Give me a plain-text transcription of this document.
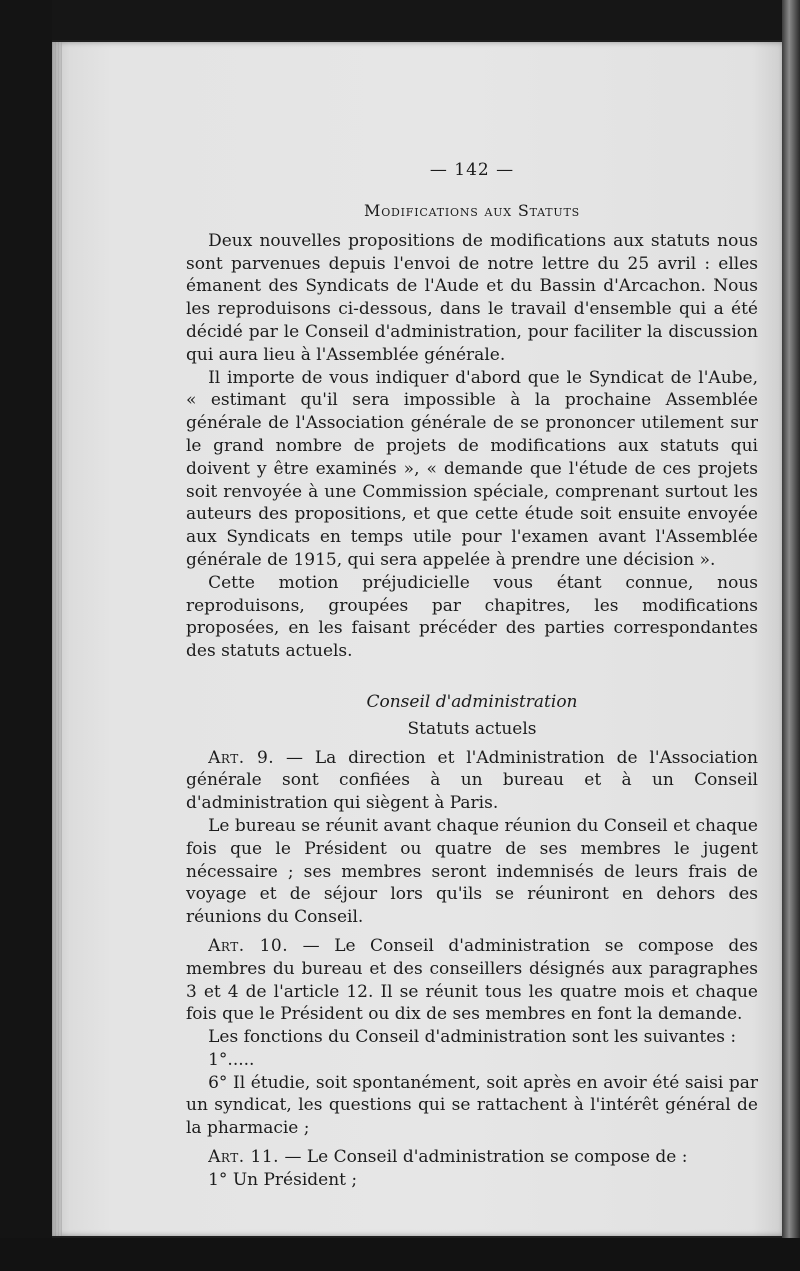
— 142 —
Modifications aux Statuts

Deux nouvelles propositions de modifications aux statuts nous sont parvenues depuis l'envoi de notre lettre du 25 avril : elles émanent des Syndicats de l'Aude et du Bassin d'Arcachon. Nous les reproduisons ci-dessous, dans le travail d'ensemble qui a été décidé par le Conseil d'administration, pour faciliter la discussion qui aura lieu à l'Assemblée générale.

Il importe de vous indiquer d'abord que le Syndicat de l'Aube, « estimant qu'il sera impossible à la prochaine Assemblée générale de l'Association générale de se prononcer utilement sur le grand nombre de projets de modifications aux statuts qui doivent y être examinés », « demande que l'étude de ces projets soit renvoyée à une Commission spéciale, comprenant surtout les auteurs des propositions, et que cette étude soit ensuite envoyée aux Syndicats en temps utile pour l'examen avant l'Assemblée générale de 1915, qui sera appelée à prendre une décision ».

Cette motion préjudicielle vous étant connue, nous reproduisons, groupées par chapitres, les modifications proposées, en les faisant précéder des parties correspondantes des statuts actuels.

Conseil d'administration
Statuts actuels

Art. 9. — La direction et l'Administration de l'Association générale sont confiées à un bureau et à un Conseil d'administration qui siègent à Paris.

Le bureau se réunit avant chaque réunion du Conseil et chaque fois que le Président ou quatre de ses membres le jugent nécessaire ; ses membres seront indemnisés de leurs frais de voyage et de séjour lors qu'ils se réuniront en dehors des réunions du Conseil.

Art. 10. — Le Conseil d'administration se compose des membres du bureau et des conseillers désignés aux paragraphes 3 et 4 de l'article 12. Il se réunit tous les quatre mois et chaque fois que le Président ou dix de ses membres en font la demande.

Les fonctions du Conseil d'administration sont les suivantes :

1°.....

6° Il étudie, soit spontanément, soit après en avoir été saisi par un syndicat, les questions qui se rattachent à l'intérêt général de la pharmacie ;

Art. 11. — Le Conseil d'administration se compose de :

1° Un Président ;
